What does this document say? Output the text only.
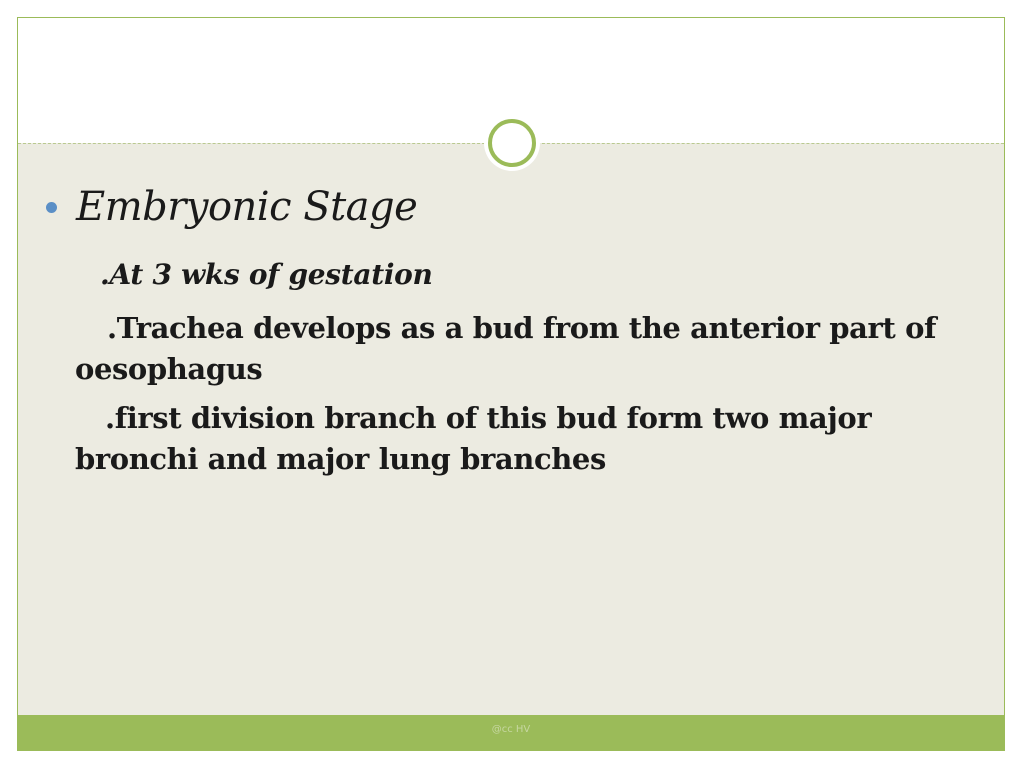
Embryonic Stage
.At 3 wks of gestation
.Trachea develops as a bud from the anterior part of oesophagus
.first division branch of this bud form two major bronchi and major lung branches
@cc HV
